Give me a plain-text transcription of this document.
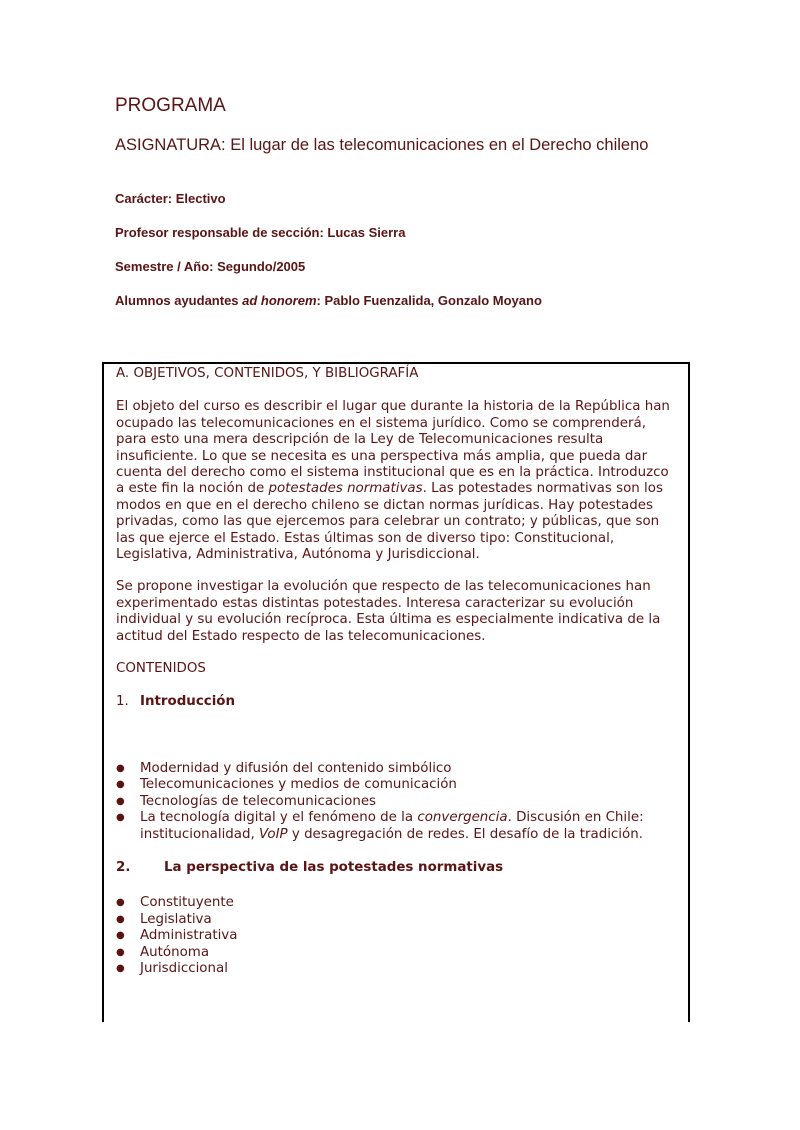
PROGRAMA
ASIGNATURA: El lugar de las telecomunicaciones en el Derecho chileno
Carácter: Electivo
Profesor responsable de sección: Lucas Sierra
Semestre / Año: Segundo/2005
Alumnos ayudantes ad honorem: Pablo Fuenzalida, Gonzalo Moyano

A. OBJETIVOS, CONTENIDOS, Y BIBLIOGRAFÍA

El objeto del curso es describir el lugar que durante la historia de la República han ocupado las telecomunicaciones en el sistema jurídico. Como se comprenderá, para esto una mera descripción de la Ley de Telecomunicaciones resulta insuficiente. Lo que se necesita es una perspectiva más amplia, que pueda dar cuenta del derecho como el sistema institucional que es en la práctica. Introduzco a este fin la noción de potestades normativas. Las potestades normativas son los modos en que en el derecho chileno se dictan normas jurídicas. Hay potestades privadas, como las que ejercemos para celebrar un contrato; y públicas, que son las que ejerce el Estado. Estas últimas son de diverso tipo: Constitucional, Legislativa, Administrativa, Autónoma y Jurisdiccional.

Se propone investigar la evolución que respecto de las telecomunicaciones han experimentado estas distintas potestades. Interesa caracterizar su evolución individual y su evolución recíproca. Esta última es especialmente indicativa de la actitud del Estado respecto de las telecomunicaciones.

CONTENIDOS

1. Introducción

● Modernidad y difusión del contenido simbólico
● Telecomunicaciones y medios de comunicación
● Tecnologías de telecomunicaciones
● La tecnología digital y el fenómeno de la convergencia. Discusión en Chile: institucionalidad, VoIP y desagregación de redes. El desafío de la tradición.

2.	La perspectiva de las potestades normativas

● Constituyente
● Legislativa
● Administrativa
● Autónoma
● Jurisdiccional
